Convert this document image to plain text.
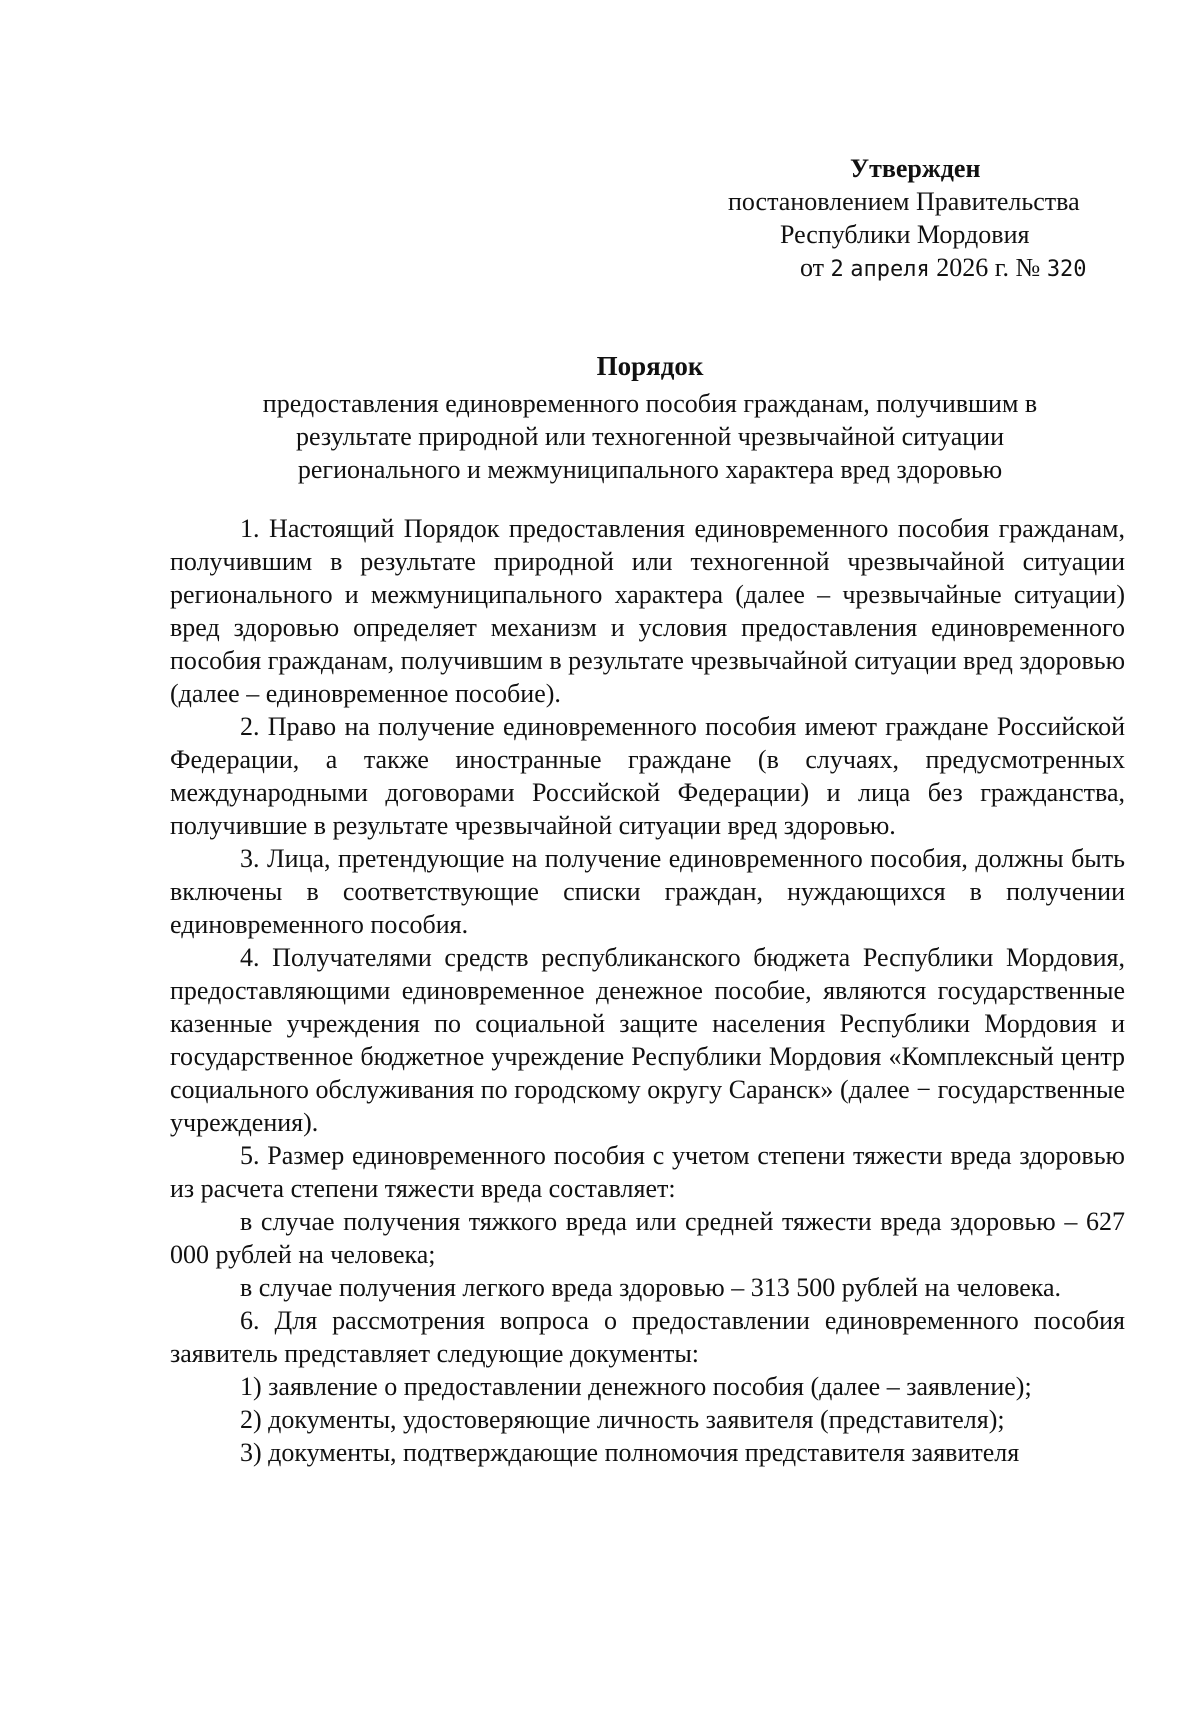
Утвержден
постановлением Правительства
Республики Мордовия
от 2 апреля 2026 г. № 320
Порядок
предоставления единовременного пособия гражданам, получившим в
результате природной или техногенной чрезвычайной ситуации
регионального и межмуниципального характера вред здоровью

1. Настоящий Порядок предоставления единовременного пособия гражданам, получившим в результате природной или техногенной чрезвычайной ситуации регионального и межмуниципального характера (далее – чрезвычайные ситуации) вред здоровью определяет механизм и условия предоставления единовременного пособия гражданам, получившим в результате чрезвычайной ситуации вред здоровью (далее – единовременное пособие).

2. Право на получение единовременного пособия имеют граждане Российской Федерации, а также иностранные граждане (в случаях, предусмотренных международными договорами Российской Федерации) и лица без гражданства, получившие в результате чрезвычайной ситуации вред здоровью.

3. Лица, претендующие на получение единовременного пособия, должны быть включены в соответствующие списки граждан, нуждающихся в получении единовременного пособия.

4. Получателями средств республиканского бюджета Республики Мордовия, предоставляющими единовременное денежное пособие, являются государственные казенные учреждения по социальной защите населения Республики Мордовия и государственное бюджетное учреждение Республики Мордовия «Комплексный центр социального обслуживания по городскому округу Саранск» (далее − государственные учреждения).

5. Размер единовременного пособия с учетом степени тяжести вреда здоровью из расчета степени тяжести вреда составляет:

в случае получения тяжкого вреда или средней тяжести вреда здоровью – 627 000 рублей на человека;

в случае получения легкого вреда здоровью – 313 500 рублей на человека.

6. Для рассмотрения вопроса о предоставлении единовременного пособия заявитель представляет следующие документы:

1) заявление о предоставлении денежного пособия (далее – заявление);

2) документы, удостоверяющие личность заявителя (представителя);

3) документы, подтверждающие полномочия представителя заявителя
